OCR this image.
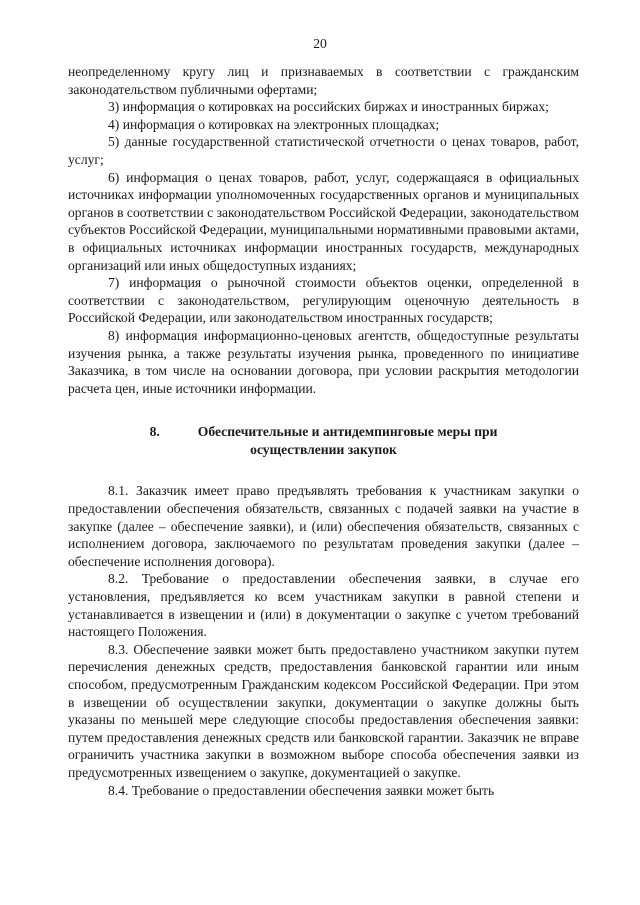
20

неопределенному кругу лиц и признаваемых в соответствии с гражданским законодательством публичными офертами;

3) информация о котировках на российских биржах и иностранных биржах;

4) информация о котировках на электронных площадках;

5) данные государственной статистической отчетности о ценах товаров, работ, услуг;

6) информация о ценах товаров, работ, услуг, содержащаяся в официальных источниках информации уполномоченных государственных органов и муниципальных органов в соответствии с законодательством Российской Федерации, законодательством субъектов Российской Федерации, муниципальными нормативными правовыми актами, в официальных источниках информации иностранных государств, международных организаций или иных общедоступных изданиях;

7) информация о рыночной стоимости объектов оценки, определенной в соответствии с законодательством, регулирующим оценочную деятельность в Российской Федерации, или законодательством иностранных государств;

8) информация информационно-ценовых агентств, общедоступные результаты изучения рынка, а также результаты изучения рынка, проведенного по инициативе Заказчика, в том числе на основании договора, при условии раскрытия методологии расчета цен, иные источники информации.

8.	Обеспечительные и антидемпинговые меры при
осуществлении закупок

8.1. Заказчик имеет право предъявлять требования к участникам закупки о предоставлении обеспечения обязательств, связанных с подачей заявки на участие в закупке (далее – обеспечение заявки), и (или) обеспечения обязательств, связанных с исполнением договора, заключаемого по результатам проведения закупки (далее – обеспечение исполнения договора).

8.2. Требование о предоставлении обеспечения заявки, в случае его установления, предъявляется ко всем участникам закупки в равной степени и устанавливается в извещении и (или) в документации о закупке с учетом требований настоящего Положения.

8.3. Обеспечение заявки может быть предоставлено участником закупки путем перечисления денежных средств, предоставления банковской гарантии или иным способом, предусмотренным Гражданским кодексом Российской Федерации. При этом в извещении об осуществлении закупки, документации о закупке должны быть указаны по меньшей мере следующие способы предоставления обеспечения заявки: путем предоставления денежных средств или банковской гарантии. Заказчик не вправе ограничить участника закупки в возможном выборе способа обеспечения заявки из предусмотренных извещением о закупке, документацией о закупке.

8.4. Требование о предоставлении обеспечения заявки может быть
